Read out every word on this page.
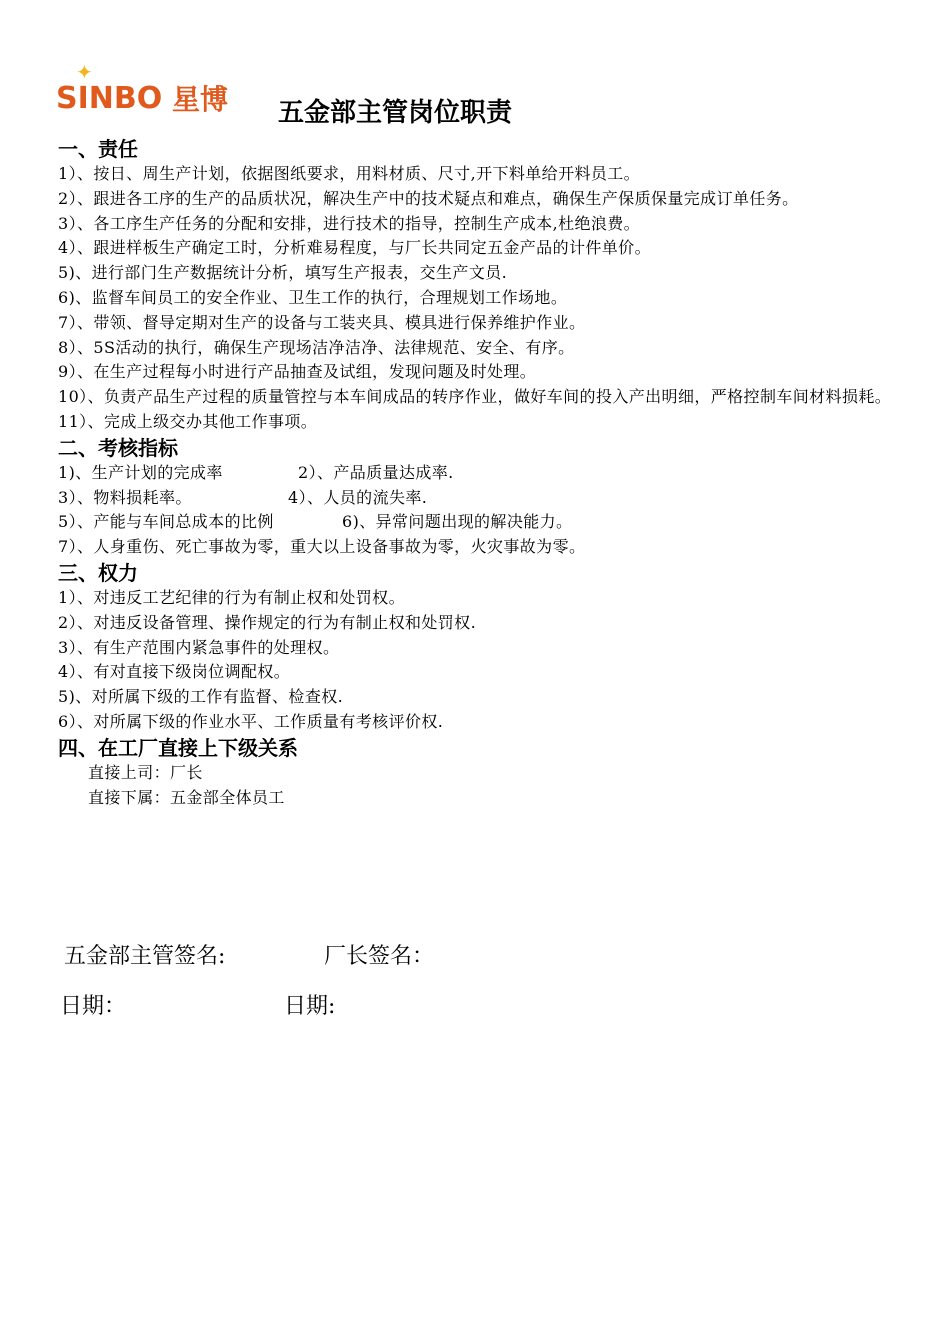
✦
SINBO 星博 五金部主管岗位职责

一、责任

1）、按日、周生产计划，依据图纸要求，用料材质、尺寸,开下料单给开料员工。

2）、跟进各工序的生产的品质状况，解决生产中的技术疑点和难点，确保生产保质保量完成订单任务。

3）、各工序生产任务的分配和安排，进行技术的指导，控制生产成本,杜绝浪费。

4）、跟进样板生产确定工时，分析难易程度，与厂长共同定五金产品的计件单价。

5)、进行部门生产数据统计分析，填写生产报表，交生产文员.

6)、监督车间员工的安全作业、卫生工作的执行，合理规划工作场地。

7）、带领、督导定期对生产的设备与工装夹具、模具进行保养维护作业。

8）、5S活动的执行，确保生产现场洁净洁净、法律规范、安全、有序。

9）、在生产过程每小时进行产品抽查及试组，发现问题及时处理。

10）、负责产品生产过程的质量管控与本车间成品的转序作业，做好车间的投入产出明细，严格控制车间材料损耗。

11）、完成上级交办其他工作事项。

二、考核指标

1)、生产计划的完成率	2）、产品质量达成率.
3）、物料损耗率。	4）、人员的流失率.
5）、产能与车间总成本的比例	6)、异常问题出现的解决能力。

7）、人身重伤、死亡事故为零，重大以上设备事故为零，火灾事故为零。

三、权力

1）、对违反工艺纪律的行为有制止权和处罚权。

2）、对违反设备管理、操作规定的行为有制止权和处罚权.

3）、有生产范围内紧急事件的处理权。

4）、有对直接下级岗位调配权。

5)、对所属下级的工作有监督、检查权.

6）、对所属下级的作业水平、工作质量有考核评价权.

四、在工厂直接上下级关系

直接上司：厂长

直接下属：五金部全体员工

五金部主管签名:	厂长签名：
日期：	日期:
